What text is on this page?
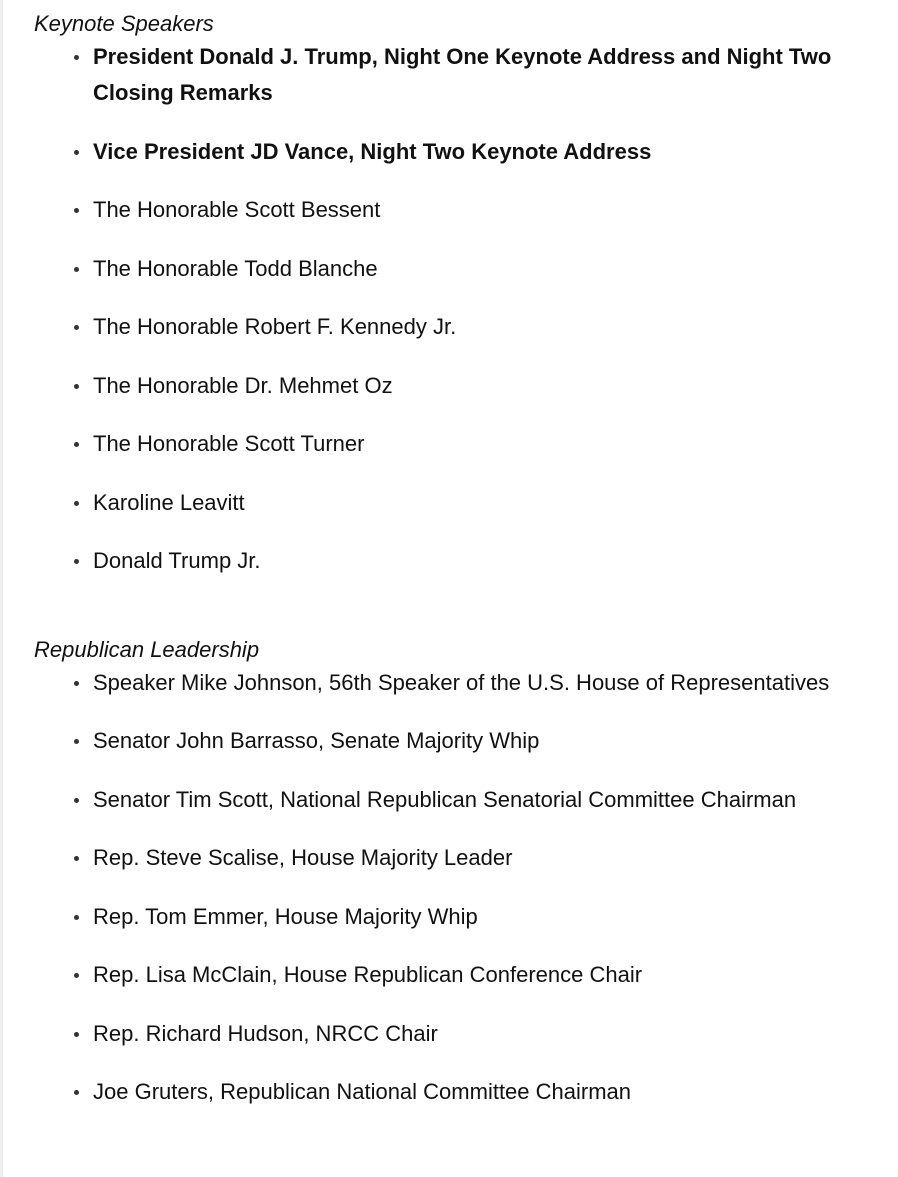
Keynote Speakers

President Donald J. Trump, Night One Keynote Address and Night Two Closing Remarks
Vice President JD Vance, Night Two Keynote Address
The Honorable Scott Bessent
The Honorable Todd Blanche
The Honorable Robert F. Kennedy Jr.
The Honorable Dr. Mehmet Oz
The Honorable Scott Turner
Karoline Leavitt
Donald Trump Jr.

Republican Leadership

Speaker Mike Johnson, 56th Speaker of the U.S. House of Representatives
Senator John Barrasso, Senate Majority Whip
Senator Tim Scott, National Republican Senatorial Committee Chairman
Rep. Steve Scalise, House Majority Leader
Rep. Tom Emmer, House Majority Whip
Rep. Lisa McClain, House Republican Conference Chair
Rep. Richard Hudson, NRCC Chair
Joe Gruters, Republican National Committee Chairman
